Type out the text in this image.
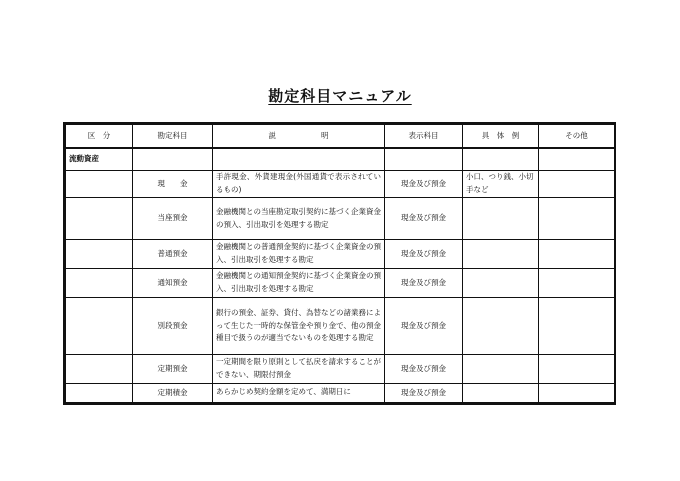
勘定科目マニュアル
区　分	勘定科目	説　　　　　　明	表示科目	具　体　例	その他
流動資産					
	現　　金	手許現金、外貨建現金(外国通貨で表示されているもの)	現金及び預金	小口、つり銭、小切手など	
	当座預金	金融機関との当座勘定取引契約に基づく企業資金の預入、引出取引を処理する勘定	現金及び預金		
	普通預金	金融機関との普通預金契約に基づく企業資金の預入、引出取引を処理する勘定	現金及び預金		
	通知預金	金融機関との通知預金契約に基づく企業資金の預入、引出取引を処理する勘定	現金及び預金		
	別段預金	銀行の預金、証券、貸付、為替などの諸業務によって生じた一時的な保管金や預り金で、他の預金種目で扱うのが適当でないものを処理する勘定	現金及び預金		
	定期預金	一定期間を限り原則として払戻を請求することができない、期限付預金	現金及び預金		
	定期積金	あらかじめ契約金額を定めて、満期日に	現金及び預金		
